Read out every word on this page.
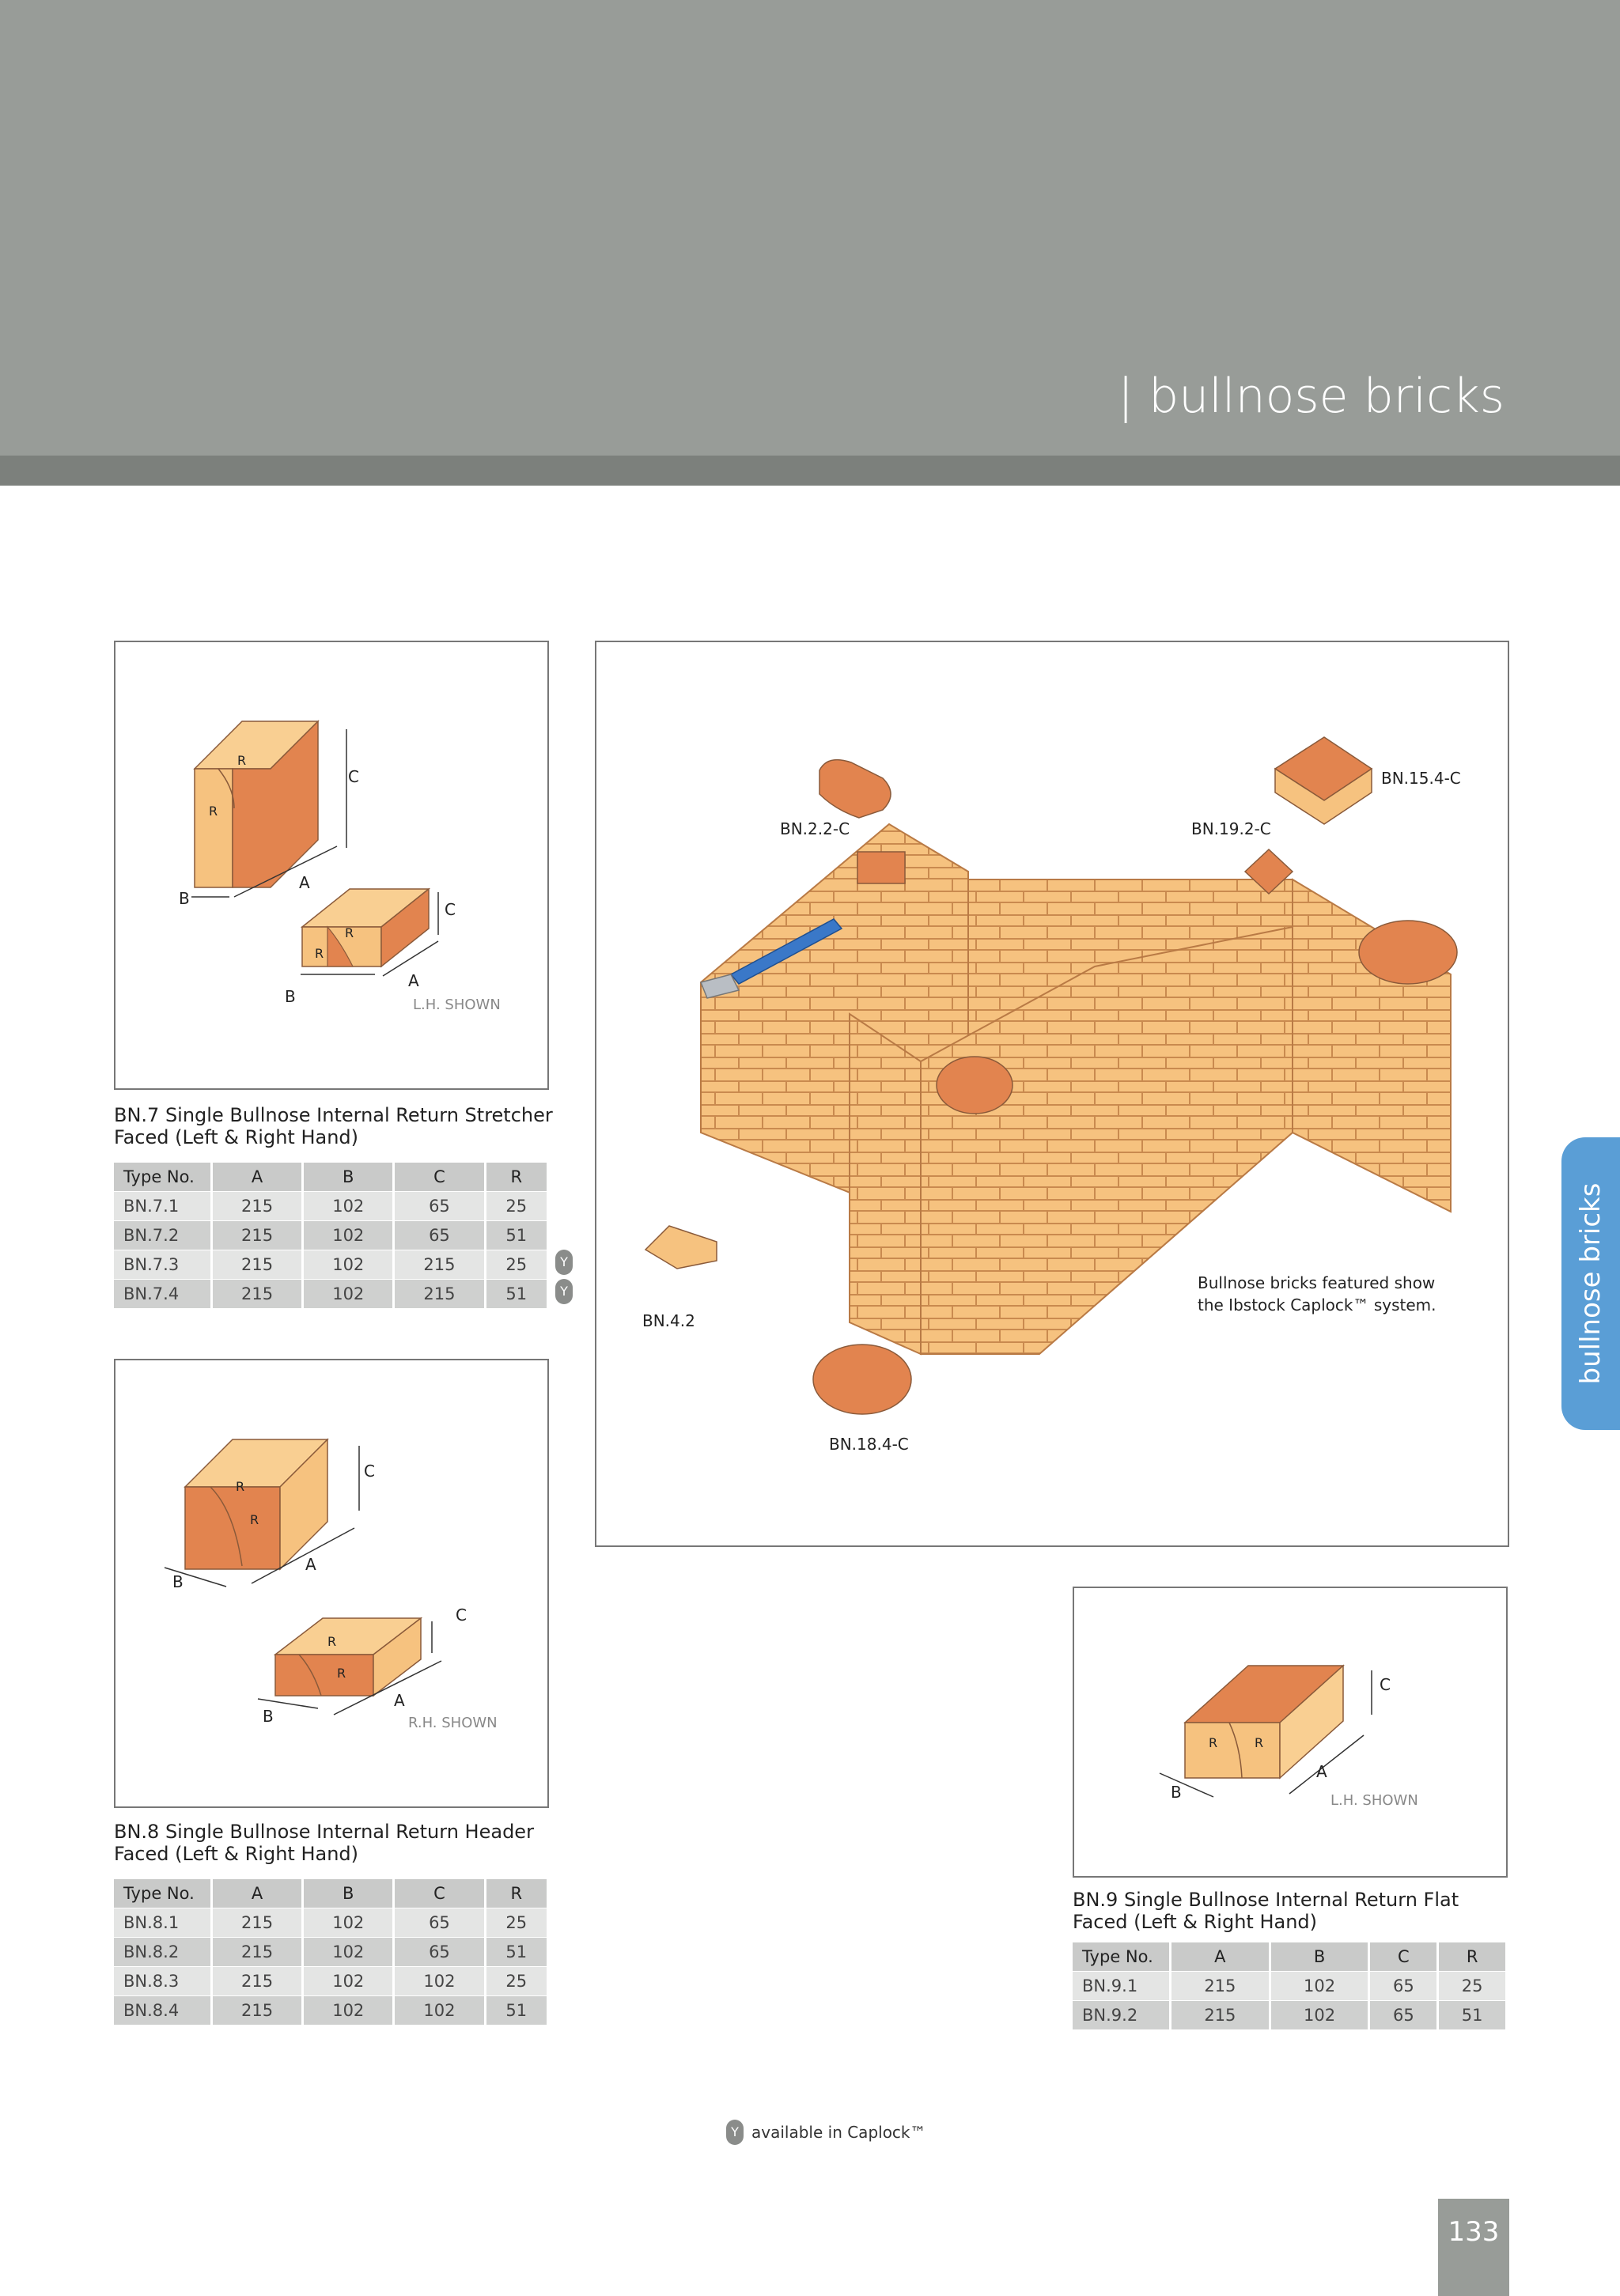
| bullnose bricks
bullnose bricks
R
R
C
A
B
R
R
C
A
B	L.H. SHOWN
BN.7 Single Bullnose Internal Return Stretcher Faced (Left & Right Hand)
Type No.	A	B	C	R
BN.7.1	215	102	65	25
BN.7.2	215	102	65	51
BN.7.3	215	102	215	25
BN.7.4	215	102	215	51
Y
Y
R
R
C
A
B
R
R
C
A
B	R.H. SHOWN
BN.8 Single Bullnose Internal Return Header Faced (Left & Right Hand)
Type No.	A	B	C	R
BN.8.1	215	102	65	25
BN.8.2	215	102	65	51
BN.8.3	215	102	102	25
BN.8.4	215	102	102	51
BN.2.2-C	BN.19.2-C
BN.15.4-C
BN.4.2
BN.18.4-C
Bullnose bricks featured show the Ibstock Caplock™ system.
R	R
C
A
B	L.H. SHOWN
BN.9 Single Bullnose Internal Return Flat Faced (Left & Right Hand)
Type No.	A	B	C	R
BN.9.1	215	102	65	25
BN.9.2	215	102	65	51
Y available in Caplock™
133
